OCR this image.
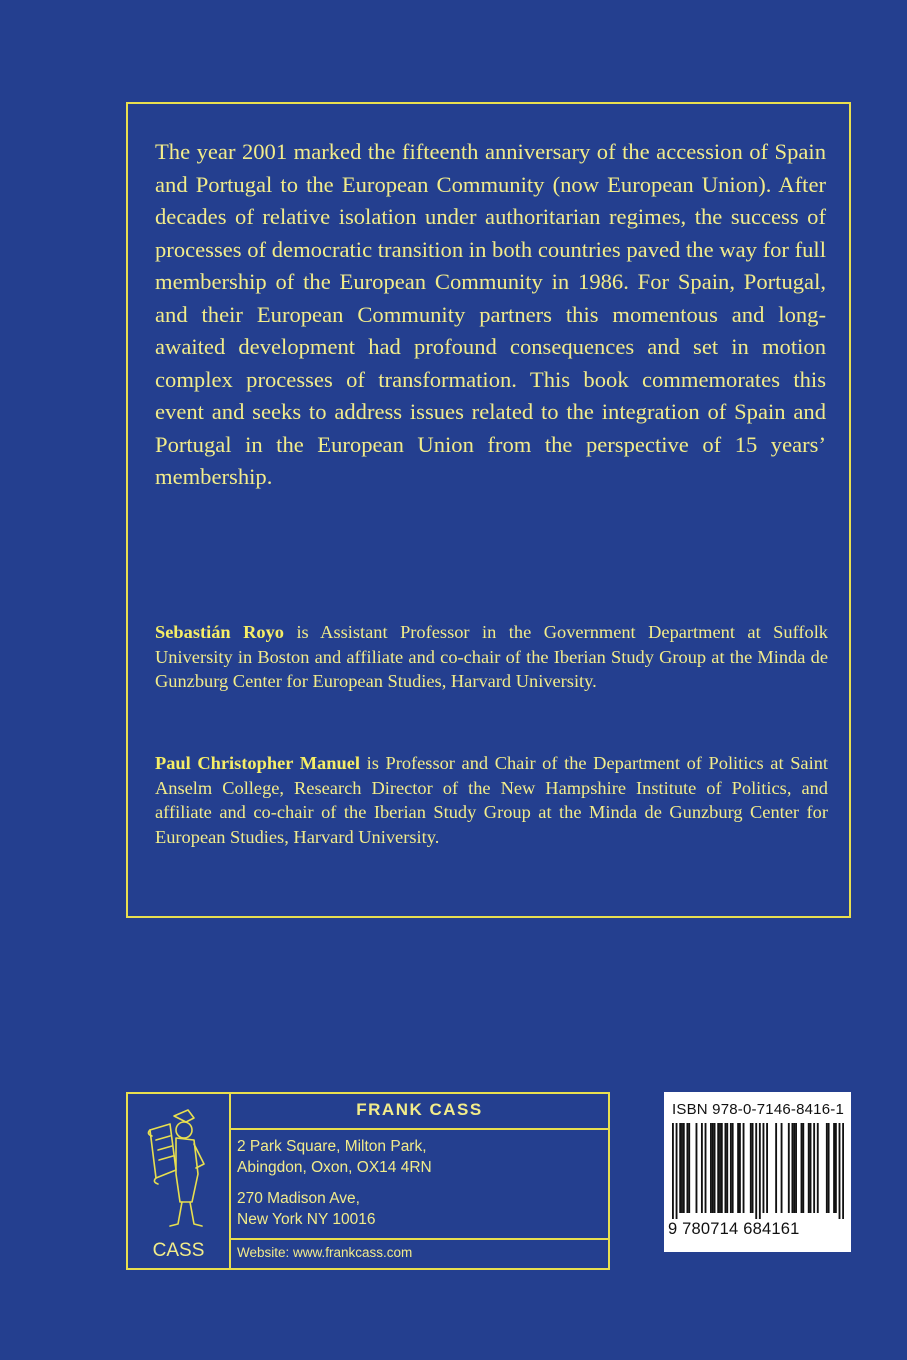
The year 2001 marked the fifteenth anniversary of the accession of Spain and Portugal to the European Community (now European Union). After decades of relative isolation under authoritarian regimes, the success of processes of democratic transition in both countries paved the way for full membership of the European Community in 1986. For Spain, Portugal, and their European Community partners this momentous and long-awaited development had profound consequences and set in motion complex processes of transformation. This book commemorates this event and seeks to address issues related to the integration of Spain and Portugal in the European Union from the perspective of 15 years’ membership.

Sebastián Royo is Assistant Professor in the Government Department at Suffolk University in Boston and affiliate and co-chair of the Iberian Study Group at the Minda de Gunzburg Center for European Studies, Harvard University.

Paul Christopher Manuel is Professor and Chair of the Department of Politics at Saint Anselm College, Research Director of the New Hampshire Institute of Politics, and affiliate and co-chair of the Iberian Study Group at the Minda de Gunzburg Center for European Studies, Harvard University.

CASS
FRANK CASS
2 Park Square, Milton Park,
Abingdon, Oxon, OX14 4RN
270 Madison Ave,
New York NY 10016
Website: www.frankcass.com
ISBN 978-0-7146-8416-1
9 780714 684161
